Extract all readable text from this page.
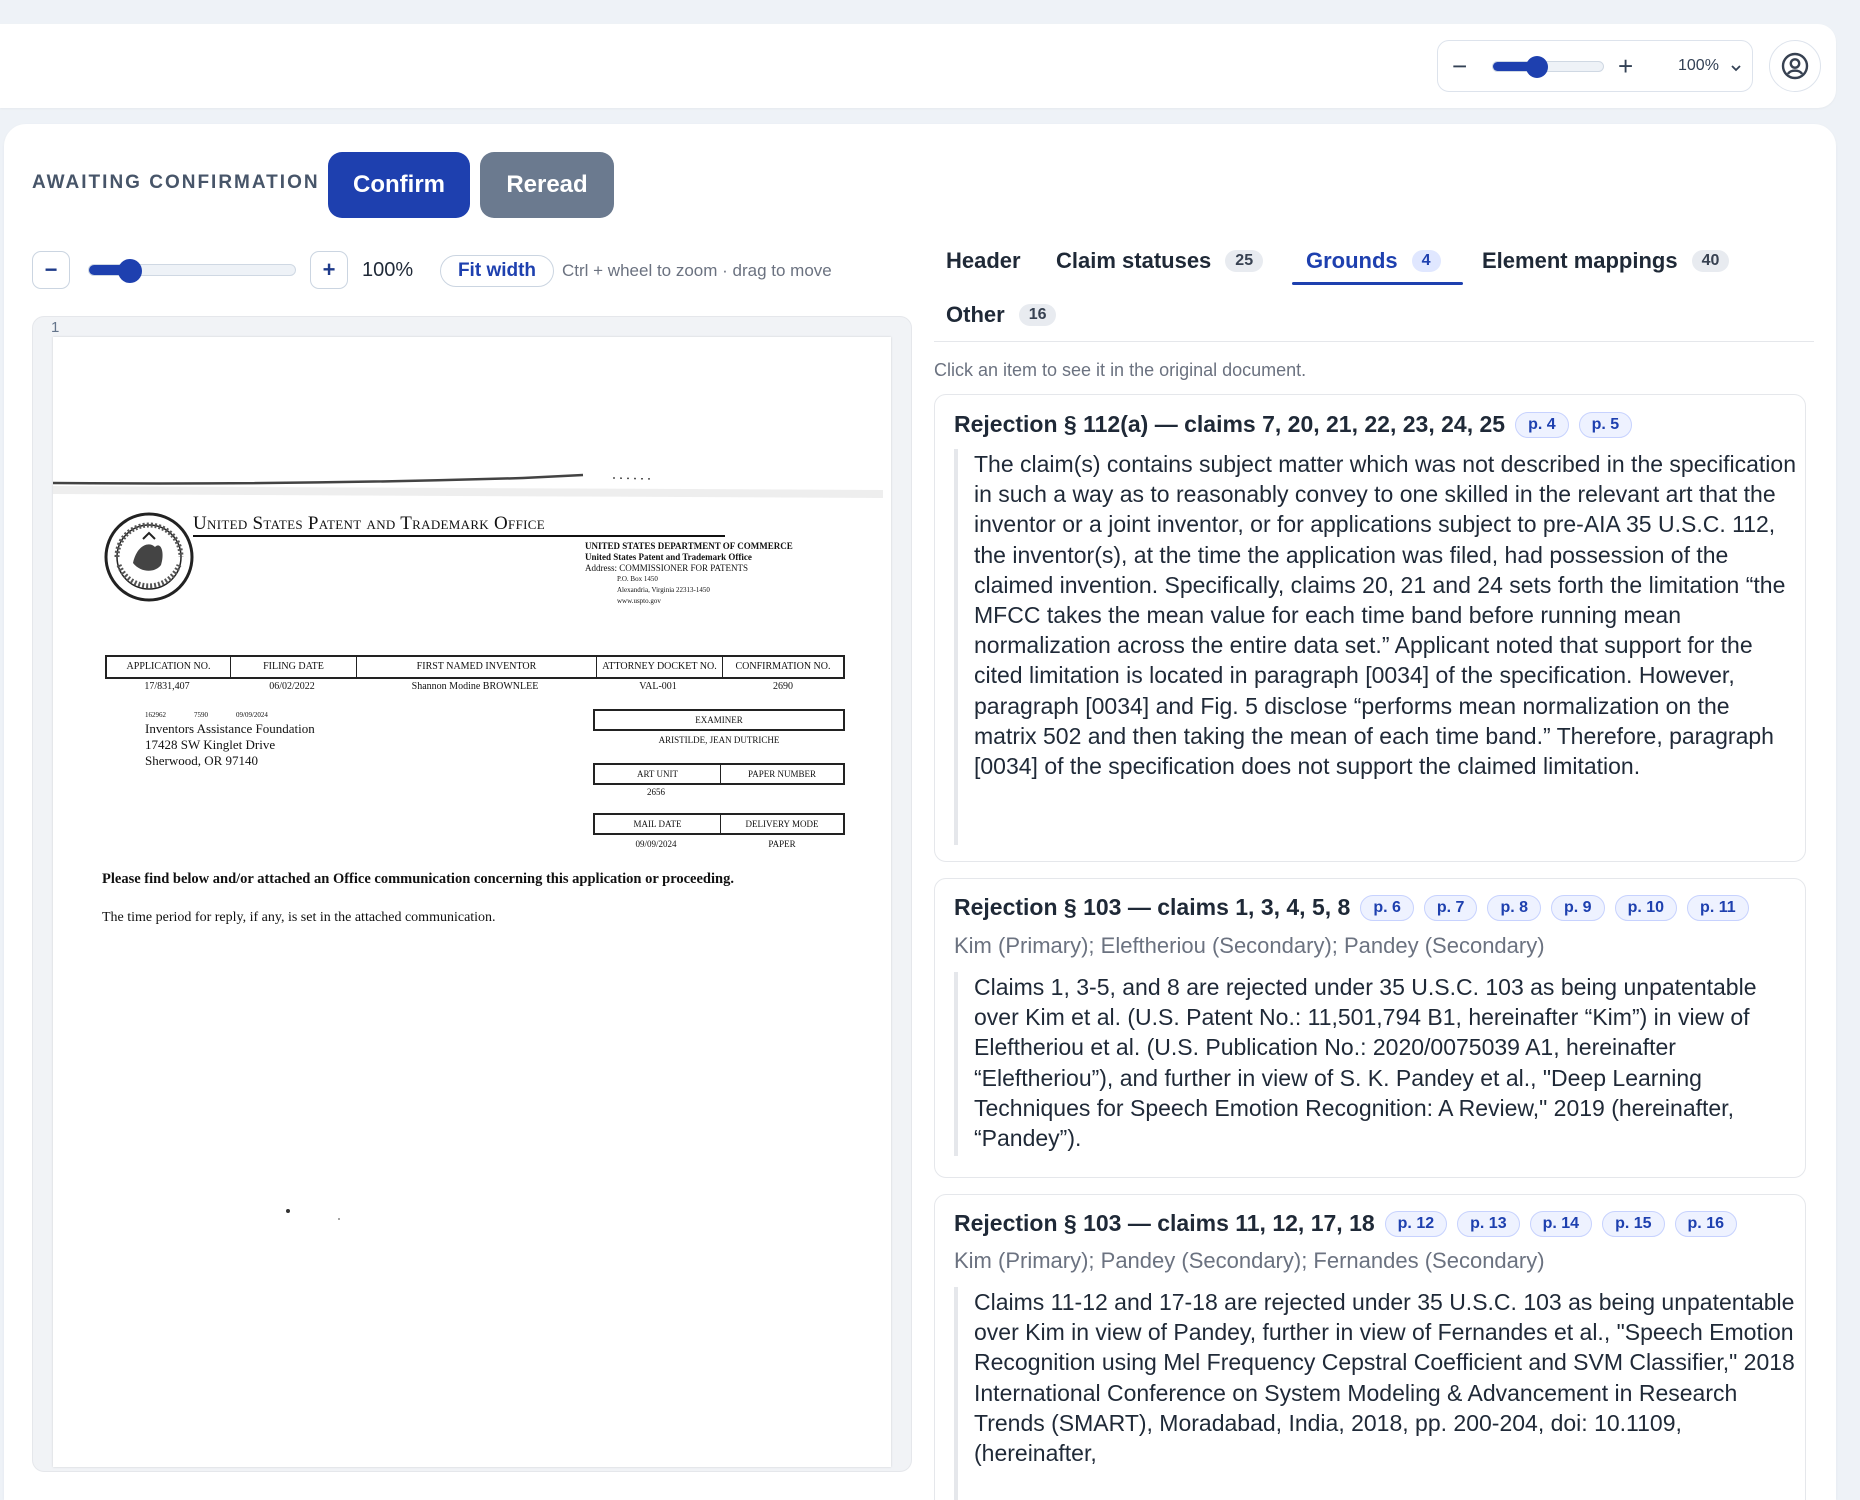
−	+	100%
AWAITING CONFIRMATION	Confirm	Reread
−	+	100%	Fit width	Ctrl + wheel to zoom · drag to move
1
United States Patent and Trademark Office
UNITED STATES DEPARTMENT OF COMMERCE
United States Patent and Trademark Office
Address: COMMISSIONER FOR PATENTS
P.O. Box 1450
Alexandria, Virginia 22313-1450
www.uspto.gov
APPLICATION NO.	FILING DATE	FIRST NAMED INVENTOR	ATTORNEY DOCKET NO.	CONFIRMATION NO.
17/831,407	06/02/2022	Shannon Modine BROWNLEE	VAL-001	2690
162962	7590	09/09/2024
Inventors Assistance Foundation
17428 SW Kinglet Drive
Sherwood, OR 97140
EXAMINER
ARISTILDE, JEAN DUTRICHE
ART UNIT	PAPER NUMBER
2656
MAIL DATE	DELIVERY MODE
09/09/2024	PAPER
Please find below and/or attached an Office communication concerning this application or proceeding.
The time period for reply, if any, is set in the attached communication.
Header Claim statuses	25	Grounds	4	Element mappings	40
Other	16
Click an item to see it in the original document.
Rejection § 112(a) — claims 7, 20, 21, 22, 23, 24, 25	p. 4	p. 5
The claim(s) contains subject matter which was not described in the specification in such a way as to reasonably convey to one skilled in the relevant art that the inventor or a joint inventor, or for applications subject to pre-AIA 35 U.S.C. 112, the inventor(s), at the time the application was filed, had possession of the claimed invention. Specifically, claims 20, 21 and 24 sets forth the limitation “the MFCC takes the mean value for each time band before running mean normalization across the entire data set.” Applicant noted that support for the cited limitation is located in paragraph [0034] of the specification. However, paragraph [0034] and Fig. 5 disclose “performs mean normalization on the matrix 502 and then taking the mean of each time band.” Therefore, paragraph [0034] of the specification does not support the claimed limitation.
Rejection § 103 — claims 1, 3, 4, 5, 8	p. 6	p. 7	p. 8	p. 9	p. 10	p. 11
Kim (Primary); Eleftheriou (Secondary); Pandey (Secondary)
Claims 1, 3-5, and 8 are rejected under 35 U.S.C. 103 as being unpatentable over Kim et al. (U.S. Patent No.: 11,501,794 B1, hereinafter “Kim”) in view of Eleftheriou et al. (U.S. Publication No.: 2020/0075039 A1, hereinafter “Eleftheriou”), and further in view of S. K. Pandey et al., "Deep Learning Techniques for Speech Emotion Recognition: A Review," 2019 (hereinafter, “Pandey”).
Rejection § 103 — claims 11, 12, 17, 18	p. 12	p. 13	p. 14	p. 15	p. 16
Kim (Primary); Pandey (Secondary); Fernandes (Secondary)
Claims 11-12 and 17-18 are rejected under 35 U.S.C. 103 as being unpatentable over Kim in view of Pandey, further in view of Fernandes et al., "Speech Emotion Recognition using Mel Frequency Cepstral Coefficient and SVM Classifier," 2018 International Conference on System Modeling & Advancement in Research Trends (SMART), Moradabad, India, 2018, pp. 200-204, doi: 10.1109, (hereinafter,
